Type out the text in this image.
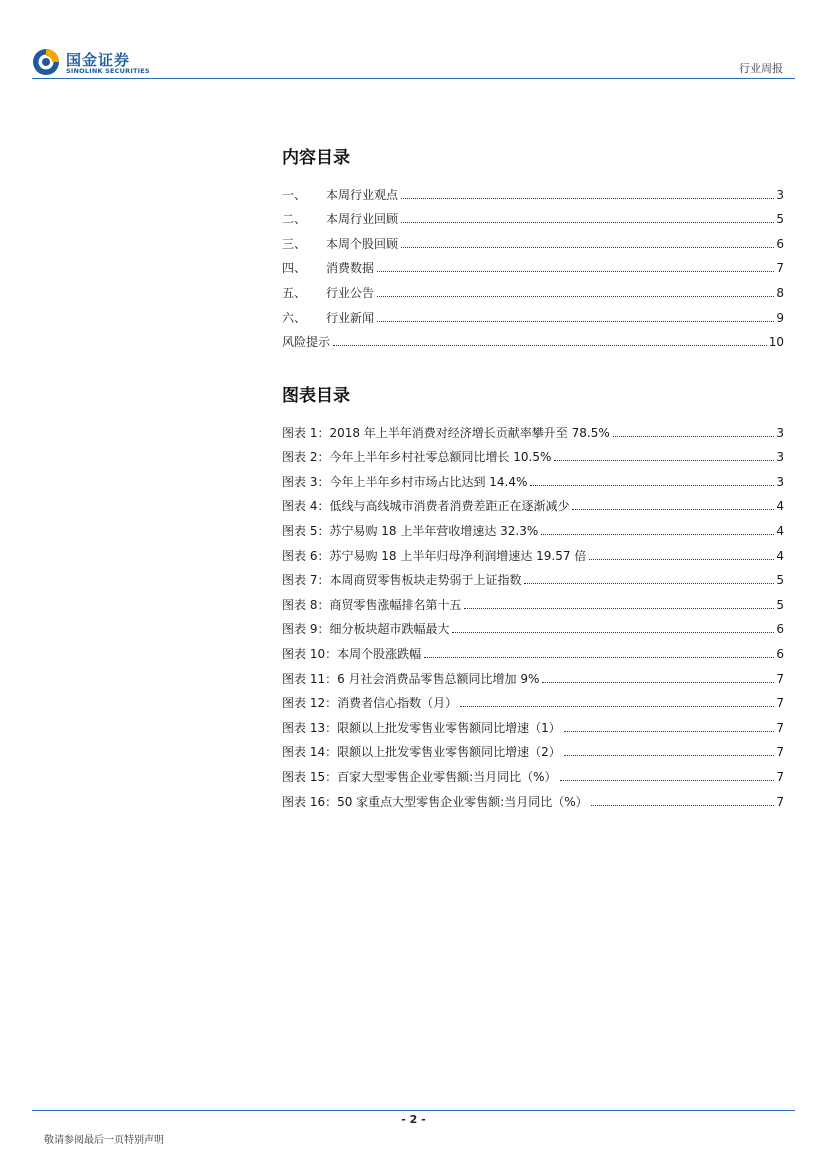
国金证券
SINOLINK SECURITIES	行业周报
内容目录
一、	本周行业观点	3
二、	本周行业回顾	5
三、	本周个股回顾	6
四、	消费数据	7
五、	行业公告	8
六、	行业新闻	9
风险提示	10
图表目录
图表 1：2018 年上半年消费对经济增长贡献率攀升至 78.5%	3
图表 2：今年上半年乡村社零总额同比增长 10.5%	3
图表 3：今年上半年乡村市场占比达到 14.4%	3
图表 4：低线与高线城市消费者消费差距正在逐渐减少	4
图表 5：苏宁易购 18 上半年营收增速达 32.3%	4
图表 6：苏宁易购 18 上半年归母净利润增速达 19.57 倍	4
图表 7：本周商贸零售板块走势弱于上证指数	5
图表 8：商贸零售涨幅排名第十五	5
图表 9：细分板块超市跌幅最大	6
图表 10：本周个股涨跌幅	6
图表 11：6 月社会消费品零售总额同比增加 9%	7
图表 12：消费者信心指数（月）	7
图表 13：限额以上批发零售业零售额同比增速（1）	7
图表 14：限额以上批发零售业零售额同比增速（2）	7
图表 15：百家大型零售企业零售额:当月同比（%）	7
图表 16：50 家重点大型零售企业零售额:当月同比（%）	7
- 2 -
敬请参阅最后一页特别声明
